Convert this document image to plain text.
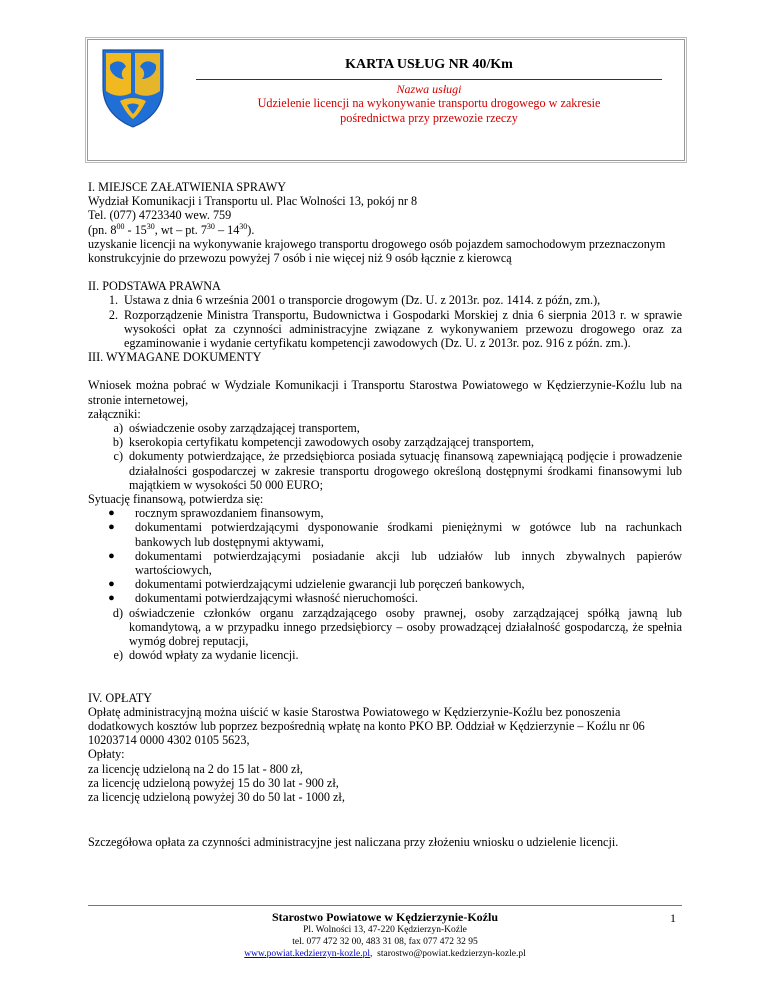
KARTA USŁUG NR 40/Km
Nazwa usługi
Udzielenie licencji na wykonywanie transportu drogowego w zakresie pośrednictwa przy przewozie rzeczy

I. MIEJSCE ZAŁATWIENIA SPRAWY

Wydział Komunikacji i Transportu ul. Plac Wolności 13, pokój nr 8

Tel. (077) 4723340 wew. 759

(pn. $8^{00} - 15^{30}$, wt – pt. $7^{30} - 14^{30}$).

uzyskanie licencji na wykonywanie krajowego transportu drogowego osób pojazdem samochodowym przeznaczonym konstrukcyjnie do przewozu powyżej 7 osób i nie więcej niż 9 osób łącznie z kierowcą

II. PODSTAWA PRAWNA

1. Ustawa z dnia 6 września 2001 o transporcie drogowym (Dz. U. z 2013r. poz. 1414. z późn, zm.),
2. Rozporządzenie Ministra Transportu, Budownictwa i Gospodarki Morskiej z dnia 6 sierpnia 2013 r. w sprawie wysokości opłat za czynności administracyjne związane z wykonywaniem przewozu drogowego oraz za egzaminowanie i wydanie certyfikatu kompetencji zawodowych (Dz. U. z 2013r. poz. 916 z późn. zm.).

III. WYMAGANE DOKUMENTY

Wniosek można pobrać w Wydziale Komunikacji i Transportu Starostwa Powiatowego w Kędzierzynie-Koźlu lub na stronie internetowej,

załączniki:

a) oświadczenie osoby zarządzającej transportem,
b) kserokopia certyfikatu kompetencji zawodowych osoby zarządzającej transportem,
c) dokumenty potwierdzające, że przedsiębiorca posiada sytuację finansową zapewniającą podjęcie i prowadzenie działalności gospodarczej w zakresie transportu drogowego określoną dostępnymi środkami finansowymi lub majątkiem w wysokości 50 000 EURO;

Sytuację finansową, potwierdza się:

●	rocznym sprawozdaniem finansowym,
●	dokumentami potwierdzającymi dysponowanie środkami pieniężnymi w gotówce lub na rachunkach bankowych lub dostępnymi aktywami,
●	dokumentami potwierdzającymi posiadanie akcji lub udziałów lub innych zbywalnych papierów wartościowych,
●	dokumentami potwierdzającymi udzielenie gwarancji lub poręczeń bankowych,
●	dokumentami potwierdzającymi własność nieruchomości.
d) oświadczenie członków organu zarządzającego osoby prawnej, osoby zarządzającej spółką jawną lub komandytową, a w przypadku innego przedsiębiorcy – osoby prowadzącej działalność gospodarczą, że spełnia wymóg dobrej reputacji,
e) dowód wpłaty za wydanie licencji.

IV. OPŁATY

Opłatę administracyjną można uiścić w kasie Starostwa Powiatowego w Kędzierzynie-Koźlu bez ponoszenia dodatkowych kosztów lub poprzez bezpośrednią wpłatę na konto PKO BP. Oddział w Kędzierzynie – Koźlu nr 06 10203714 0000 4302 0105 5623,

Opłaty:

za licencję udzieloną na 2 do 15 lat - 800 zł,

za licencję udzieloną powyżej 15 do 30 lat - 900 zł,

za licencję udzieloną powyżej 30 do 50 lat - 1000 zł,

Szczegółowa opłata za czynności administracyjne jest naliczana przy złożeniu wniosku o udzielenie licencji.

Starostwo Powiatowe w Kędzierzynie-Koźlu
Pl. Wolności 13, 47-220 Kędzierzyn-Koźle
tel. 077 472 32 00, 483 31 08, fax 077 472 32 95
www.powiat.kedzierzyn-kozle.pl, starostwo@powiat.kedzierzyn-kozle.pl
1
